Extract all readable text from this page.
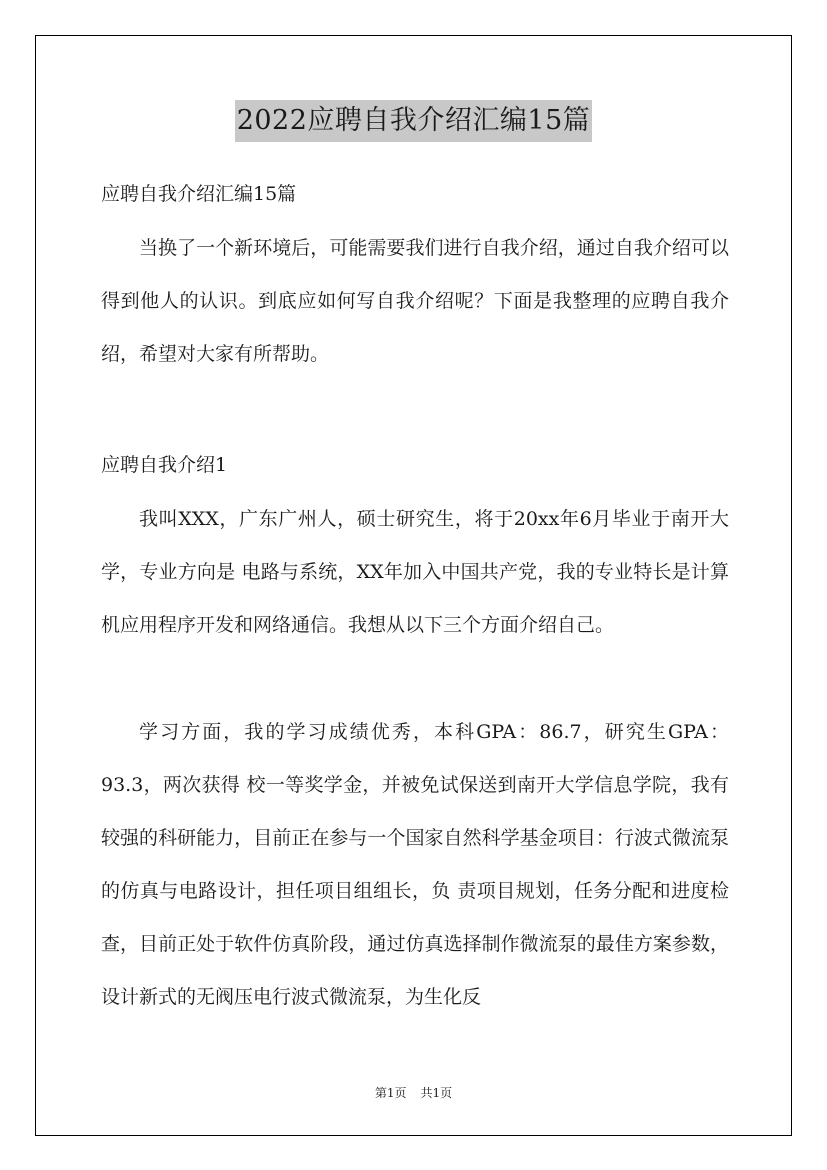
2022应聘自我介绍汇编15篇

应聘自我介绍汇编15篇

当换了一个新环境后，可能需要我们进行自我介绍，通过自我介绍可以得到他人的认识。到底应如何写自我介绍呢？下面是我整理的应聘自我介绍，希望对大家有所帮助。

应聘自我介绍1

我叫XXX，广东广州人，硕士研究生，将于20xx年6月毕业于南开大学，专业方向是 电路与系统，XX年加入中国共产党，我的专业特长是计算机应用程序开发和网络通信。我想从以下三个方面介绍自己。

学习方面，我的学习成绩优秀，本科GPA：86.7，研究生GPA：93.3，两次获得 校一等奖学金，并被免试保送到南开大学信息学院，我有较强的科研能力，目前正在参与一个国家自然科学基金项目：行波式微流泵的仿真与电路设计，担任项目组组长，负 责项目规划，任务分配和进度检查，目前正处于软件仿真阶段，通过仿真选择制作微流泵的最佳方案参数，设计新式的无阀压电行波式微流泵，为生化反

第1页 共1页
